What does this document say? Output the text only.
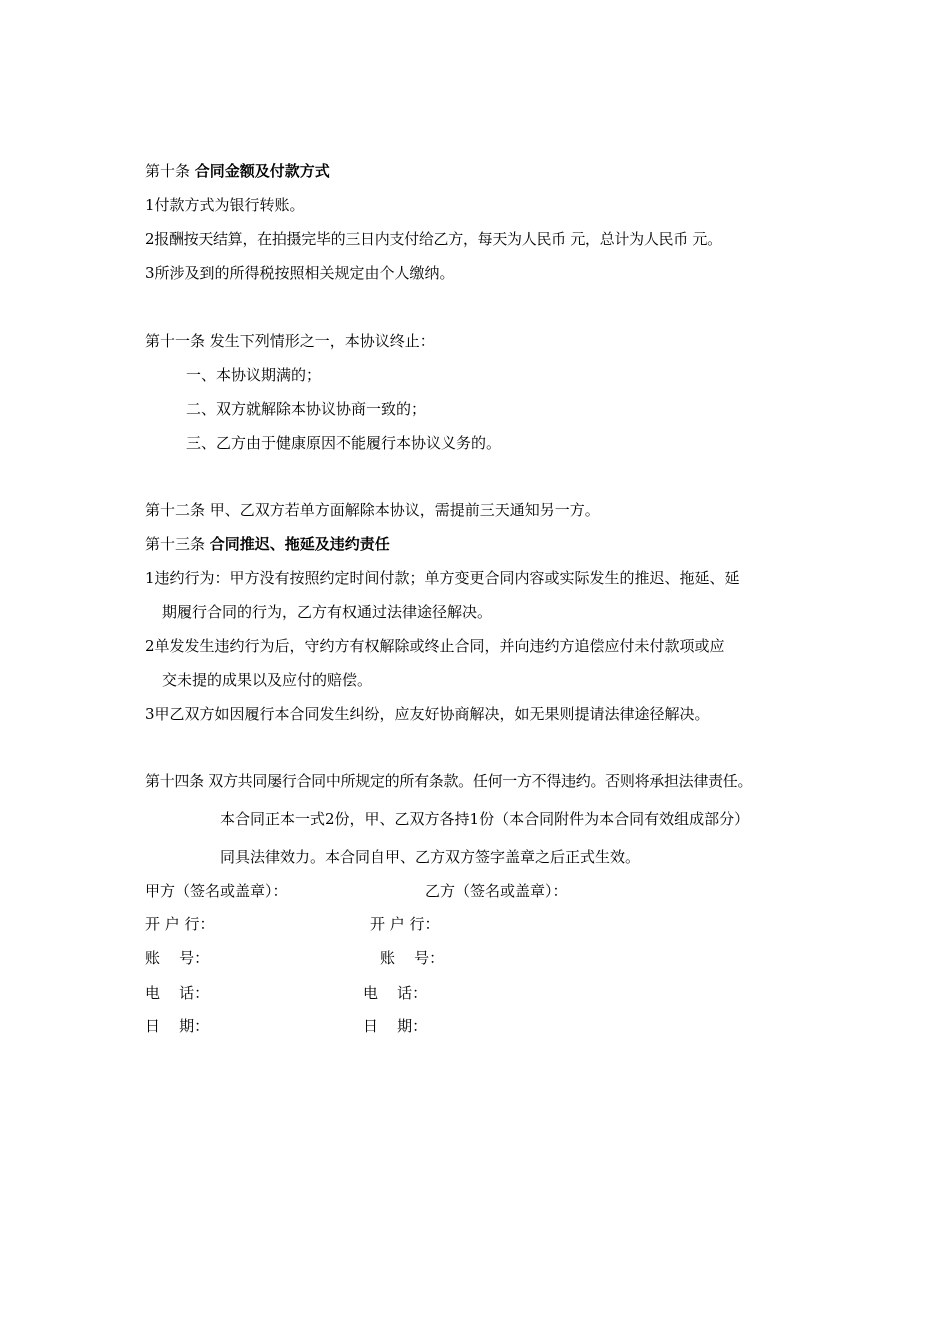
第十条 合同金额及付款方式
1付款方式为银行转账。
2报酬按天结算，在拍摄完毕的三日内支付给乙方，每天为人民币 元，总计为人民币 元。
3所涉及到的所得税按照相关规定由个人缴纳。
第十一条 发生下列情形之一，本协议终止：
一、本协议期满的；
二、双方就解除本协议协商一致的；
三、乙方由于健康原因不能履行本协议义务的。
第十二条 甲、乙双方若单方面解除本协议，需提前三天通知另一方。
第十三条 合同推迟、拖延及违约责任
1违约行为：甲方没有按照约定时间付款；单方变更合同内容或实际发生的推迟、拖延、延
期履行合同的行为，乙方有权通过法律途径解决。
2单发发生违约行为后，守约方有权解除或终止合同，并向违约方追偿应付未付款项或应
交未提的成果以及应付的赔偿。
3甲乙双方如因履行本合同发生纠纷，应友好协商解决，如无果则提请法律途径解决。
第十四条 双方共同屡行合同中所规定的所有条款。任何一方不得违约。否则将承担法律责任。
本合同正本一式2份，甲、乙双方各持1份（本合同附件为本合同有效组成部分）
同具法律效力。本合同自甲、乙方双方签字盖章之后正式生效。
甲方（签名或盖章）：	乙方（签名或盖章）：
开 户 行：	开 户 行：
账    号：	账    号：
电    话：	电    话：
日    期：	日    期：
